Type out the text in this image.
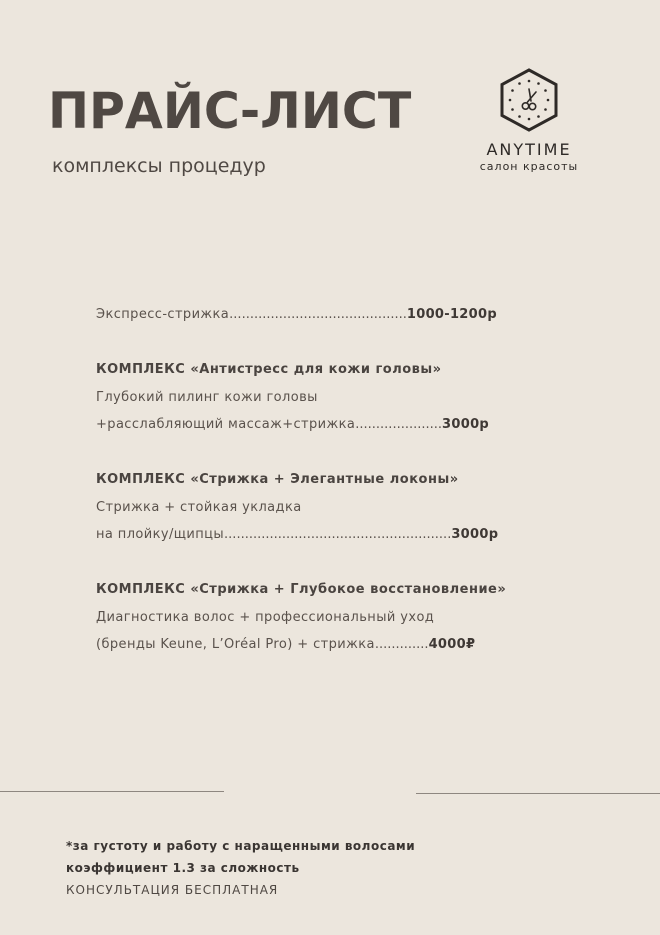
ПРАЙС-ЛИСТ

комплексы процедур

ANYTIME
салон красоты
Экспресс-стрижка...........................................1000-1200р
КОМПЛЕКС «Антистресс для кожи головы»
Глубокий пилинг кожи головы
+расслабляющий массаж+стрижка.....................3000р
КОМПЛЕКС «Стрижка + Элегантные локоны»
Стрижка + стойкая укладка
на плойку/щипцы.......................................................3000р
КОМПЛЕКС «Стрижка + Глубокое восстановление»
Диагностика волос + профессиональный уход
(бренды Keune, L’Oréal Pro) + стрижка.............4000₽
*за густоту и работу с наращенными волосами
коэффициент 1.3 за сложность
КОНСУЛЬТАЦИЯ БЕСПЛАТНАЯ
